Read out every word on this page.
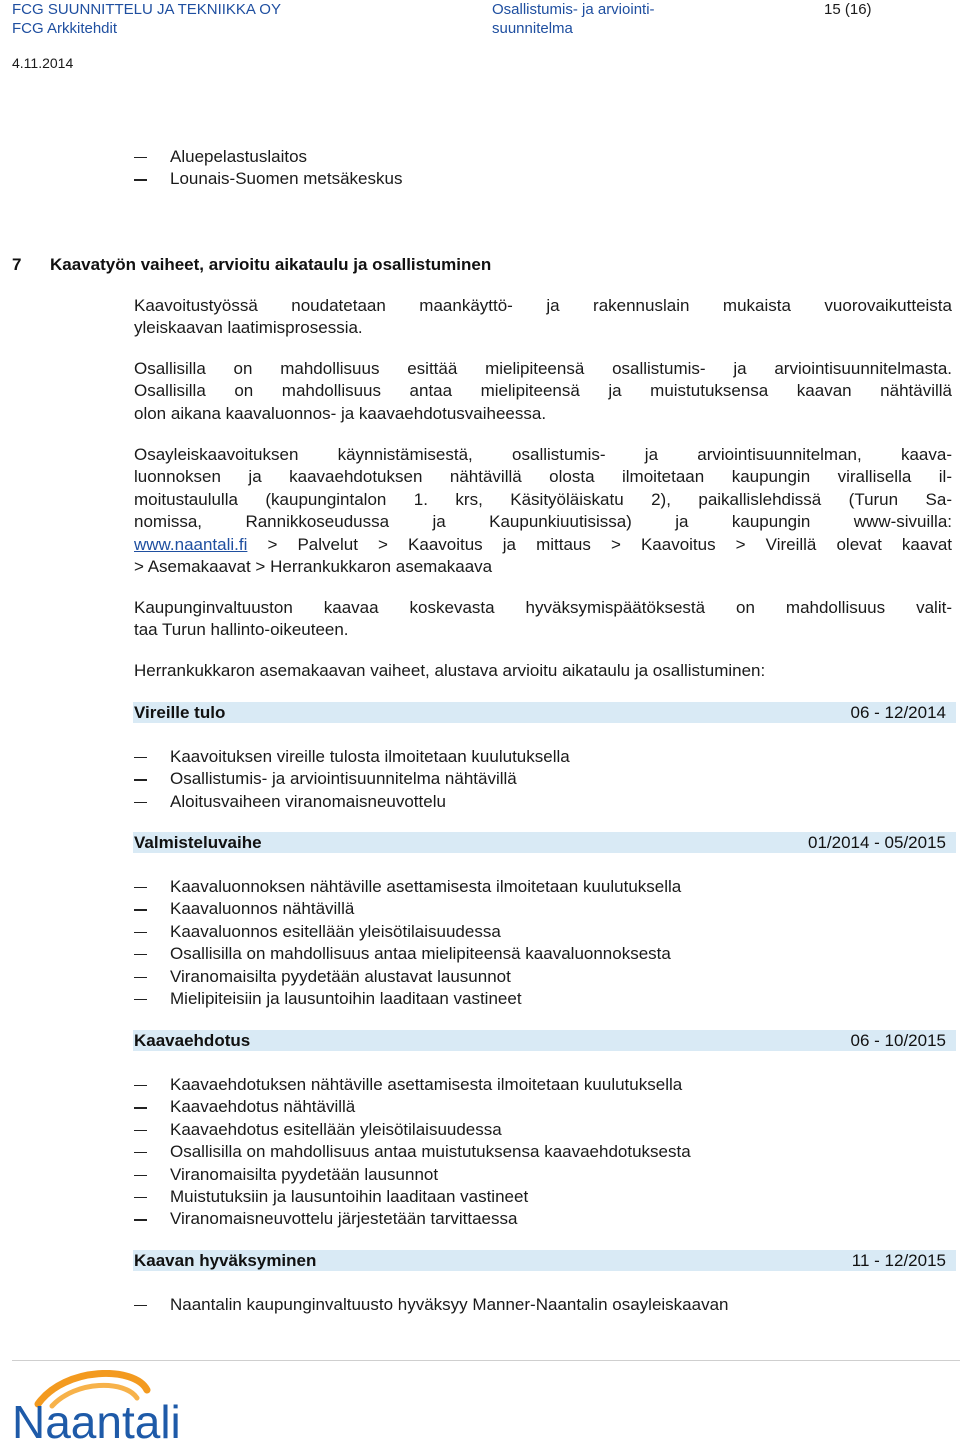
FCG SUUNNITTELU JA TEKNIIKKA OY
FCG Arkkitehdit
Osallistumis- ja arviointi-
suunnitelma
15 (16)
4.11.2014
Aluepelastuslaitos
Lounais-Suomen metsäkeskus
7 Kaavatyön vaiheet, arvioitu aikataulu ja osallistuminen
Kaavoitustyössä noudatetaan maankäyttö- ja rakennuslain mukaista vuorovaikutteista
yleiskaavan laatimisprosessia.
Osallisilla on mahdollisuus esittää mielipiteensä osallistumis- ja arviointisuunnitelmasta.
Osallisilla on mahdollisuus antaa mielipiteensä ja muistutuksensa kaavan nähtävillä
olon aikana kaavaluonnos- ja kaavaehdotusvaiheessa.
Osayleiskaavoituksen käynnistämisestä, osallistumis- ja arviointisuunnitelman, kaava-
luonnoksen ja kaavaehdotuksen nähtävillä olosta ilmoitetaan kaupungin virallisella il-
moitustaululla (kaupungintalon 1. krs, Käsityöläiskatu 2), paikallislehdissä (Turun Sa-
nomissa, Rannikkoseudussa ja Kaupunkiuutisissa) ja kaupungin www-sivuilla:
www.naantali.fi > Palvelut > Kaavoitus ja mittaus > Kaavoitus > Vireillä olevat kaavat
> Asemakaavat > Herrankukkaron asemakaava
Kaupunginvaltuuston kaavaa koskevasta hyväksymispäätöksestä on mahdollisuus valit-
taa Turun hallinto-oikeuteen.
Herrankukkaron asemakaavan vaiheet, alustava arvioitu aikataulu ja osallistuminen:
Vireille tulo	06 - 12/2014
Kaavoituksen vireille tulosta ilmoitetaan kuulutuksella
Osallistumis- ja arviointisuunnitelma nähtävillä
Aloitusvaiheen viranomaisneuvottelu
Valmisteluvaihe	01/2014 - 05/2015
Kaavaluonnoksen nähtäville asettamisesta ilmoitetaan kuulutuksella
Kaavaluonnos nähtävillä
Kaavaluonnos esitellään yleisötilaisuudessa
Osallisilla on mahdollisuus antaa mielipiteensä kaavaluonnoksesta
Viranomaisilta pyydetään alustavat lausunnot
Mielipiteisiin ja lausuntoihin laaditaan vastineet
Kaavaehdotus	06 - 10/2015
Kaavaehdotuksen nähtäville asettamisesta ilmoitetaan kuulutuksella
Kaavaehdotus nähtävillä
Kaavaehdotus esitellään yleisötilaisuudessa
Osallisilla on mahdollisuus antaa muistutuksensa kaavaehdotuksesta
Viranomaisilta pyydetään lausunnot
Muistutuksiin ja lausuntoihin laaditaan vastineet
Viranomaisneuvottelu järjestetään tarvittaessa
Kaavan hyväksyminen	11 - 12/2015
Naantalin kaupunginvaltuusto hyväksyy Manner-Naantalin osayleiskaavan
Naantali
